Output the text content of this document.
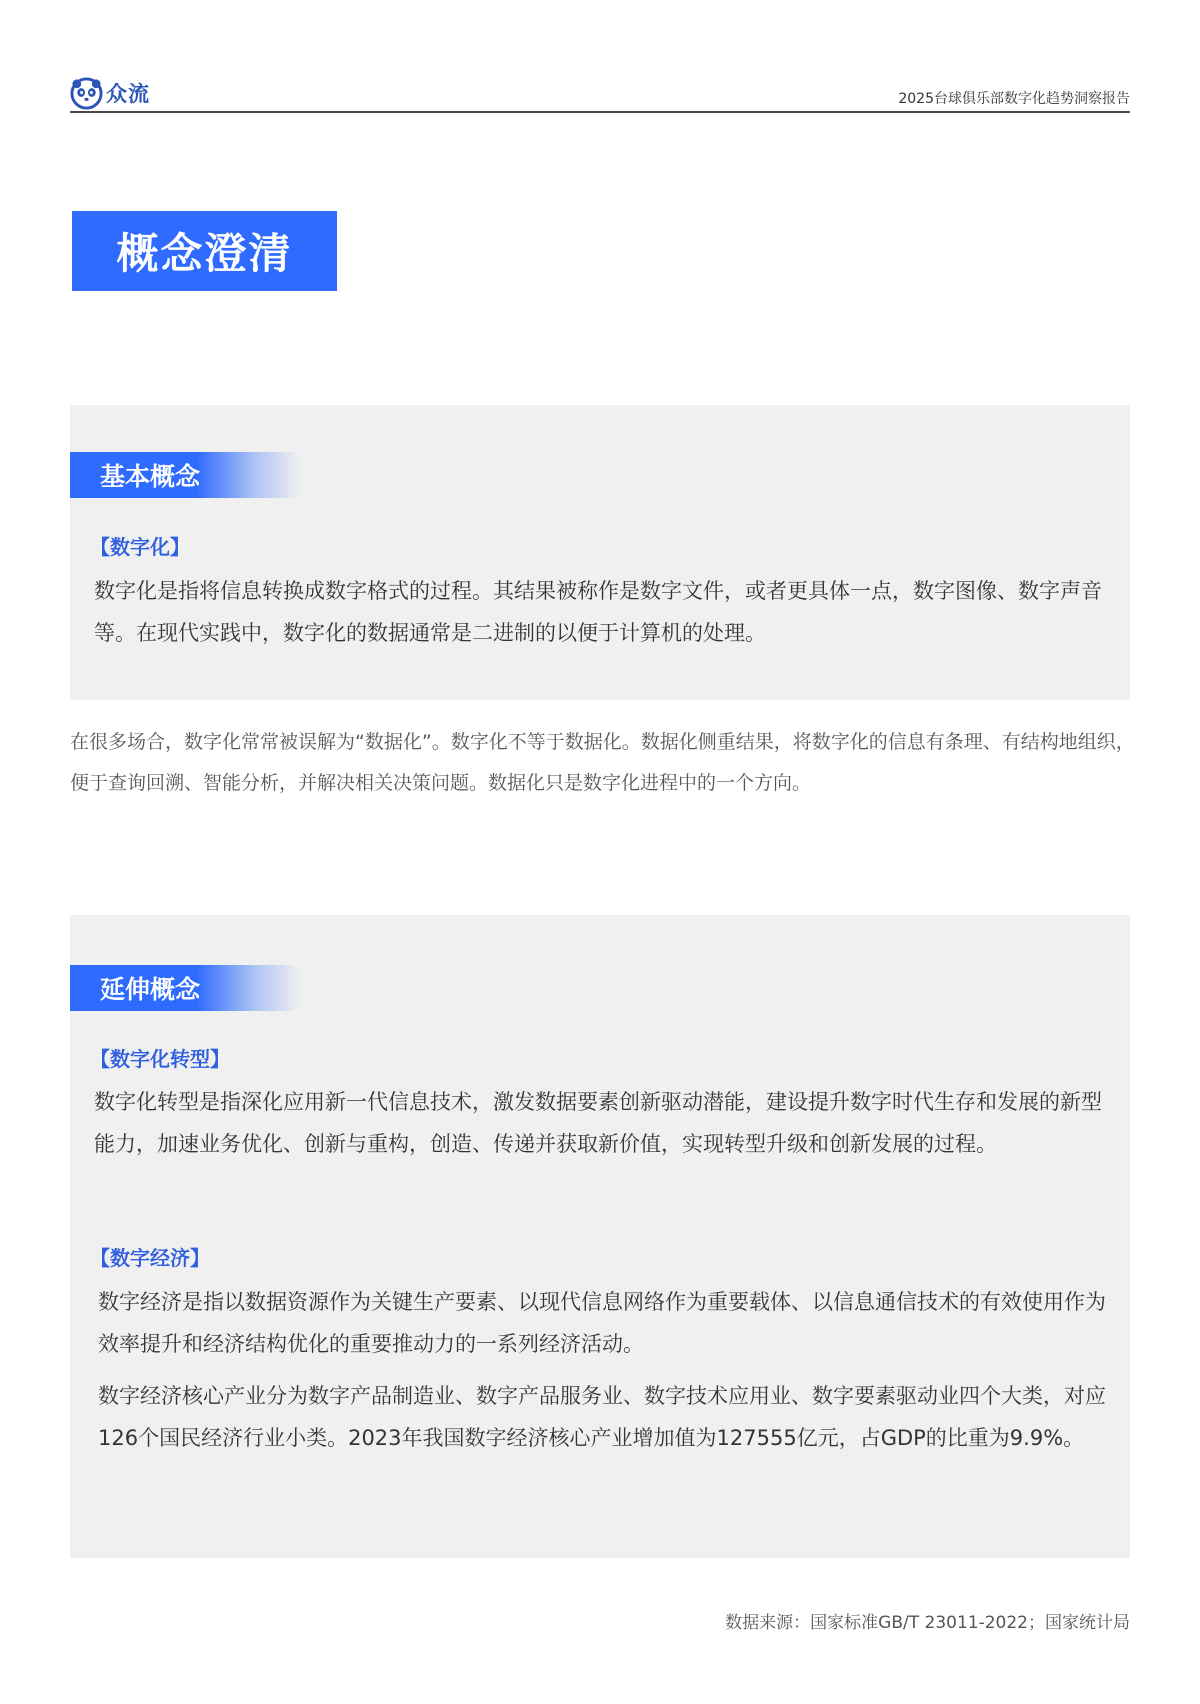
众流	2025台球俱乐部数字化趋势洞察报告
概念澄清
基本概念
【数字化】
数字化是指将信息转换成数字格式的过程。其结果被称作是数字文件，或者更具体一点，数字图像、数字声音等。在现代实践中，数字化的数据通常是二进制的以便于计算机的处理。
在很多场合，数字化常常被误解为“数据化”。数字化不等于数据化。数据化侧重结果，将数字化的信息有条理、有结构地组织，便于查询回溯、智能分析，并解决相关决策问题。数据化只是数字化进程中的一个方向。
延伸概念
【数字化转型】
数字化转型是指深化应用新一代信息技术，激发数据要素创新驱动潜能，建设提升数字时代生存和发展的新型能力，加速业务优化、创新与重构，创造、传递并获取新价值，实现转型升级和创新发展的过程。
【数字经济】
数字经济是指以数据资源作为关键生产要素、以现代信息网络作为重要载体、以信息通信技术的有效使用作为效率提升和经济结构优化的重要推动力的一系列经济活动。
数字经济核心产业分为数字产品制造业、数字产品服务业、数字技术应用业、数字要素驱动业四个大类，对应126个国民经济行业小类。2023年我国数字经济核心产业增加值为127555亿元，占GDP的比重为9.9%。
数据来源：国家标准GB/T 23011-2022；国家统计局
